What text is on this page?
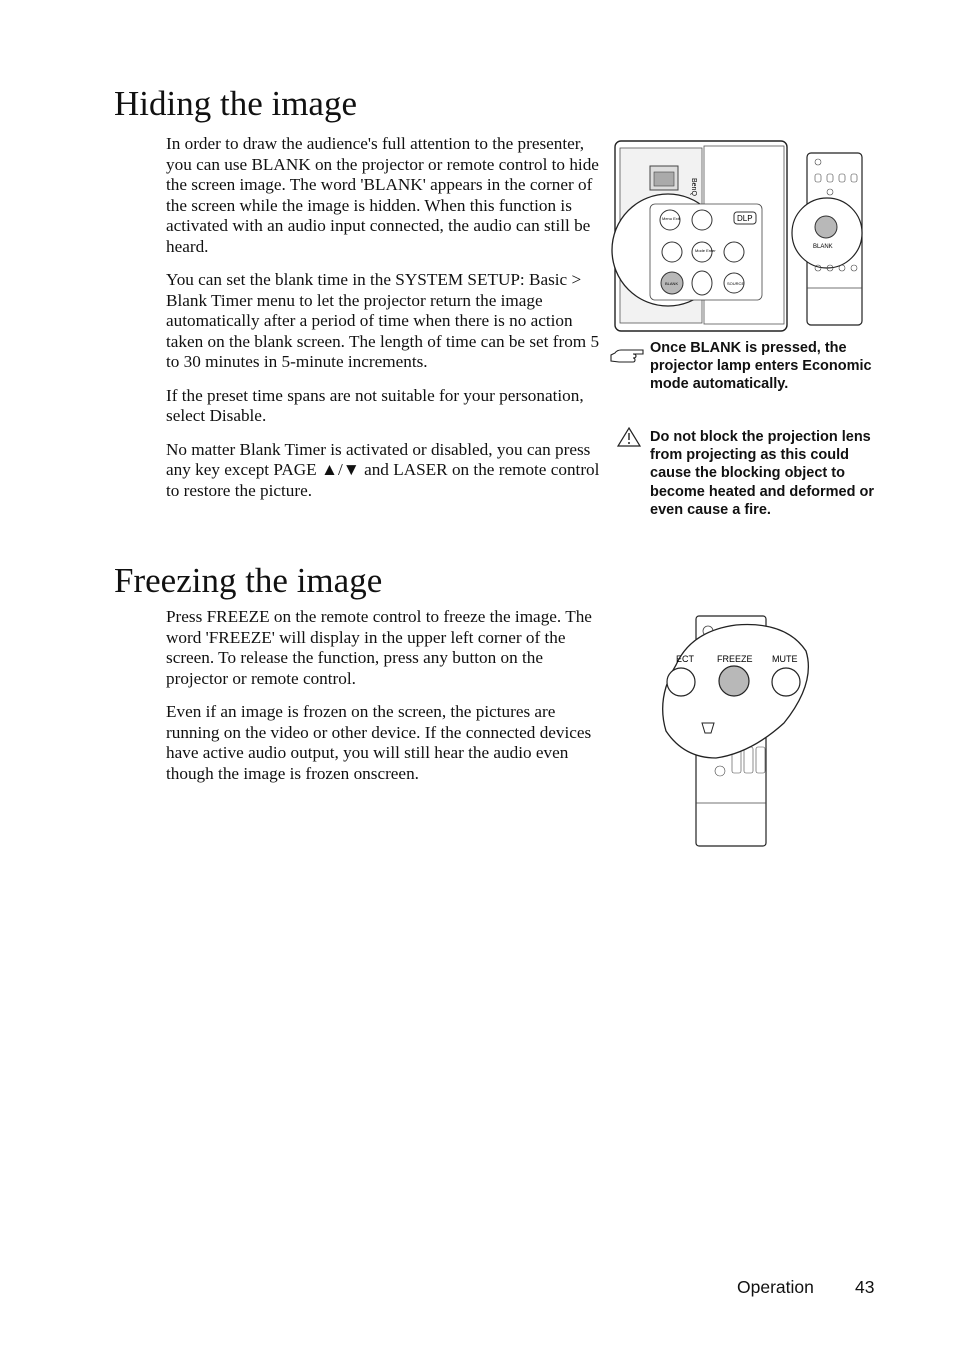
Hiding the image

In order to draw the audience's full attention to the presenter, you can use BLANK on the projector or remote control to hide the screen image. The word 'BLANK' appears in the corner of the screen while the image is hidden. When this function is activated with an audio input connected, the audio can still be heard.

You can set the blank time in the SYSTEM SETUP: Basic > Blank Timer menu to let the projector return the image automatically after a period of time when there is no action taken on the blank screen. The length of time can be set from 5 to 30 minutes in 5-minute increments.

If the preset time spans are not suitable for your personation, select Disable.

No matter Blank Timer is activated or disabled, you can press any key except PAGE ▲/▼ and LASER on the remote control to restore the picture.

BenQ
Menu Exit	DLP
Mode Enter
BLANK	SOURCE
BLANK
Once BLANK is pressed, the projector lamp enters Economic mode automatically.
Do not block the projection lens from projecting as this could cause the blocking object to become heated and deformed or even cause a fire.
Freezing the image

Press FREEZE on the remote control to freeze the image. The word 'FREEZE' will display in the upper left corner of the screen. To release the function, press any button on the projector or remote control.

Even if an image is frozen on the screen, the pictures are running on the video or other device. If the connected devices have active audio output, you will still hear the audio even though the image is frozen onscreen.

ECT	FREEZE MUTE
Operation 43
